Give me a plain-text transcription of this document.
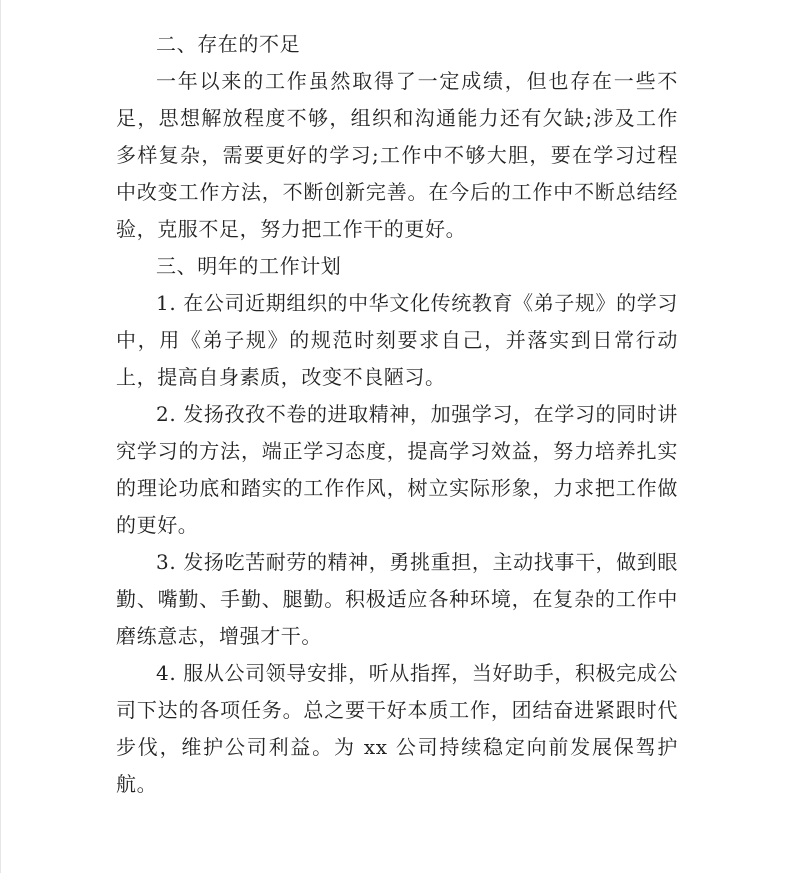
二、存在的不足

一年以来的工作虽然取得了一定成绩，但也存在一些不足，思想解放程度不够，组织和沟通能力还有欠缺;涉及工作多样复杂，需要更好的学习;工作中不够大胆，要在学习过程中改变工作方法，不断创新完善。在今后的工作中不断总结经验，克服不足，努力把工作干的更好。

三、明年的工作计划

1. 在公司近期组织的中华文化传统教育《弟子规》的学习中，用《弟子规》的规范时刻要求自己，并落实到日常行动上，提高自身素质，改变不良陋习。

2. 发扬孜孜不卷的进取精神，加强学习，在学习的同时讲究学习的方法，端正学习态度，提高学习效益，努力培养扎实的理论功底和踏实的工作作风，树立实际形象，力求把工作做的更好。

3. 发扬吃苦耐劳的精神，勇挑重担，主动找事干，做到眼勤、嘴勤、手勤、腿勤。积极适应各种环境，在复杂的工作中磨练意志，增强才干。

4. 服从公司领导安排，听从指挥，当好助手，积极完成公司下达的各项任务。总之要干好本质工作，团结奋进紧跟时代步伐，维护公司利益。为 xx 公司持续稳定向前发展保驾护航。
